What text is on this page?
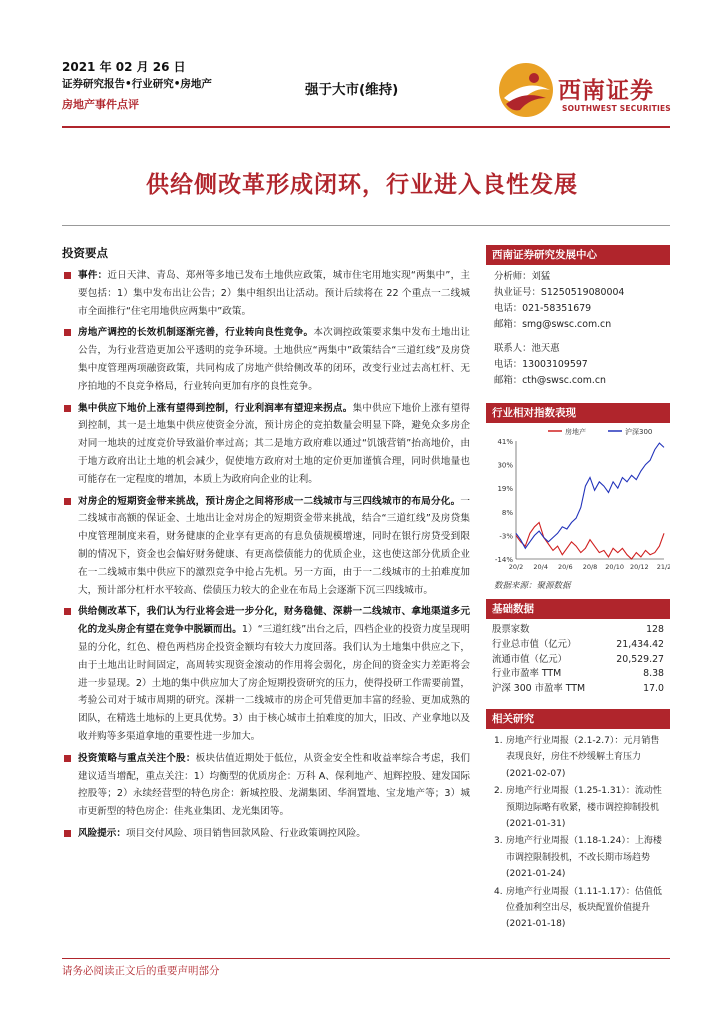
2021 年 02 月 26 日
证券研究报告•行业研究•房地产
房地产事件点评
强于大市(维持)	西南证券
SOUTHWEST SECURITIES
供给侧改革形成闭环，行业进入良性发展
投资要点
事件：近日天津、青岛、郑州等多地已发布土地供应政策，城市住宅用地实现“两集中”，主要包括：1）集中发布出让公告；2）集中组织出让活动。预计后续将在 22 个重点一二线城市全面推行“住宅用地供应两集中”政策。
房地产调控的长效机制逐渐完善，行业转向良性竞争。本次调控政策要求集中发布土地出让公告，为行业营造更加公平透明的竞争环境。土地供应“两集中”政策结合“三道红线”及房贷集中度管理两项融资政策，共同构成了房地产供给侧改革的闭环，改变行业过去高杠杆、无序拍地的不良竞争格局，行业转向更加有序的良性竞争。
集中供应下地价上涨有望得到控制，行业利润率有望迎来拐点。集中供应下地价上涨有望得到控制，其一是土地集中供应使资金分流，预计房企的竞拍数量会明显下降，避免众多房企对同一地块的过度竞价导致溢价率过高；其二是地方政府难以通过“饥饿营销”抬高地价，由于地方政府出让土地的机会减少，促使地方政府对土地的定价更加谨慎合理，同时供地量也可能存在一定程度的增加，本质上为政府向企业的让利。
对房企的短期资金带来挑战，预计房企之间将形成一二线城市与三四线城市的布局分化。一二线城市高额的保证金、土地出让金对房企的短期资金带来挑战，结合“三道红线”及房贷集中度管理制度来看，财务健康的企业享有更高的有息负债规模增速，同时在银行房贷受到限制的情况下，资金也会偏好财务健康、有更高偿债能力的优质企业，这也使这部分优质企业在一二线城市集中供应下的激烈竞争中抢占先机。另一方面，由于一二线城市的土拍难度加大，预计部分杠杆水平较高、偿债压力较大的企业在布局上会逐渐下沉三四线城市。
供给侧改革下，我们认为行业将会进一步分化，财务稳健、深耕一二线城市、拿地渠道多元化的龙头房企有望在竞争中脱颖而出。1）“三道红线”出台之后，四档企业的投资力度呈现明显的分化，红色、橙色两档房企投资金额均有较大力度回落。我们认为土地集中供应之下，由于土地出让时间固定，高周转实现资金滚动的作用将会弱化，房企间的资金实力差距将会进一步显现。2）土地的集中供应加大了房企短期投资研究的压力，使得投研工作需要前置，考验公司对于城市周期的研究。深耕一二线城市的房企可凭借更加丰富的经验、更加成熟的团队，在精选土地标的上更具优势。3）由于核心城市土拍难度的加大，旧改、产业拿地以及收并购等多渠道拿地的重要性进一步加大。
投资策略与重点关注个股：板块估值近期处于低位，从资金安全性和收益率综合考虑，我们建议适当增配，重点关注：1）均衡型的优质房企：万科 A、保利地产、旭辉控股、建发国际控股等；2）永续经营型的特色房企：新城控股、龙湖集团、华润置地、宝龙地产等；3）城市更新型的特色房企：佳兆业集团、龙光集团等。
风险提示：项目交付风险、项目销售回款风险、行业政策调控风险。
西南证券研究发展中心
分析师：刘猛
执业证号：S1250519080004
电话：021-58351679
邮箱：smg@swsc.com.cn
联系人：池天惠
电话：13003109597
邮箱：cth@swsc.com.cn
行业相对指数表现
41%
30%
19%
8%
-3%
-14%
20/2 20/4 20/6 20/8 20/10 20/12 21/2
房地产	沪深300
数据来源：聚源数据
基础数据
股票家数	128
行业总市值（亿元）	21,434.42
流通市值（亿元）	20,529.27
行业市盈率 TTM	8.38
沪深 300 市盈率 TTM	17.0
相关研究
1. 房地产行业周报（2.1-2.7）：元月销售表现良好，房住不炒缓解土育压力
(2021-02-07)
2. 房地产行业周报（1.25-1.31）：流动性预期边际略有收紧，楼市调控抑制投机
(2021-01-31)
3. 房地产行业周报（1.18-1.24）：上海楼市调控限制投机，不改长期市场趋势
(2021-01-24)
4. 房地产行业周报（1.11-1.17）：估值低位叠加利空出尽，板块配置价值提升
(2021-01-18)
请务必阅读正文后的重要声明部分
